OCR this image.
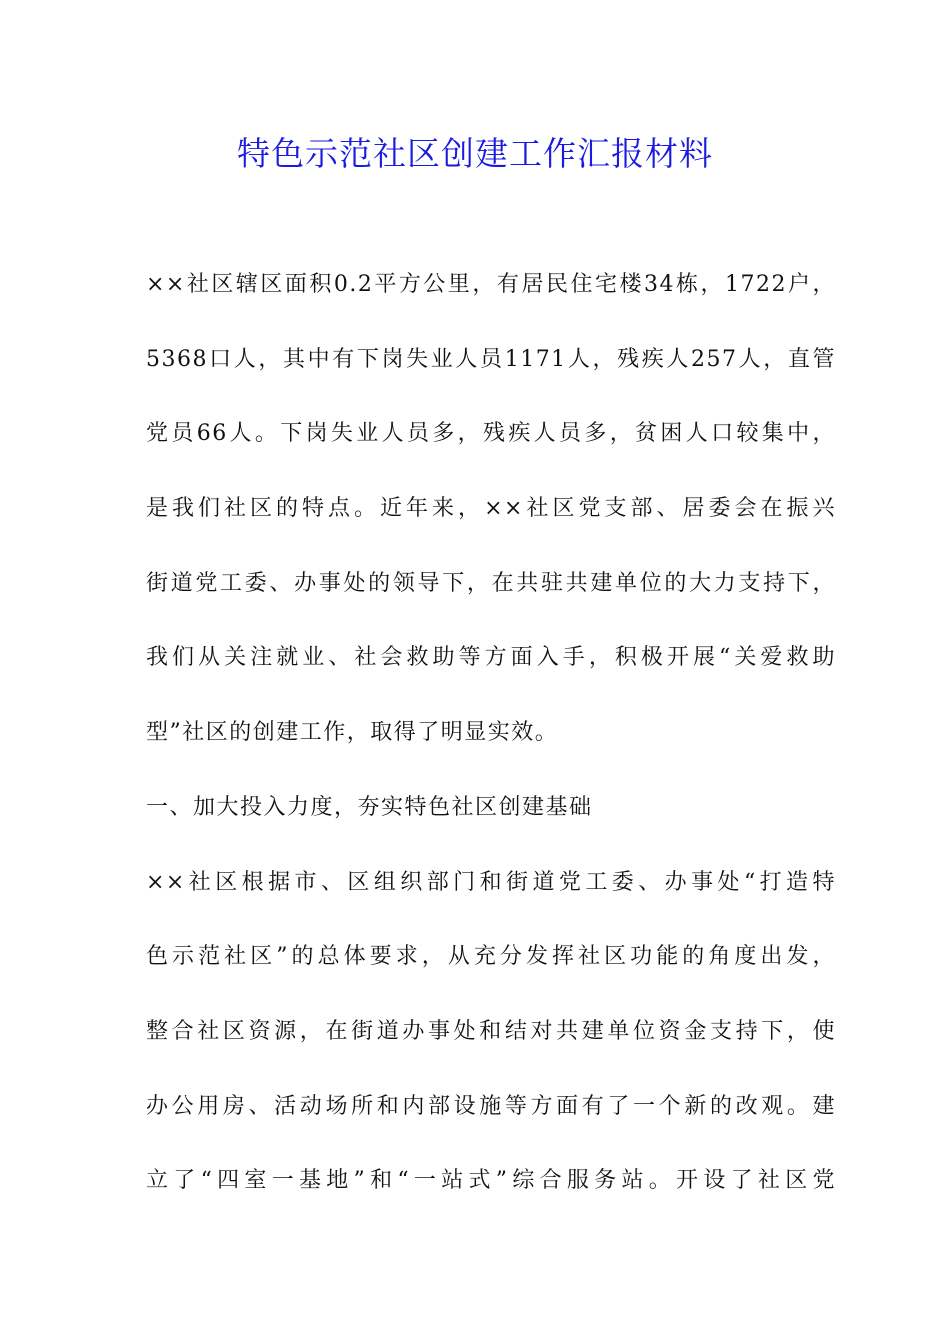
特色示范社区创建工作汇报材料
××社区辖区面积0.2平方公里，有居民住宅楼34栋，1722户，
5368口人，其中有下岗失业人员1171人，残疾人257人，直管
党员66人。下岗失业人员多，残疾人员多，贫困人口较集中，
是我们社区的特点。近年来，××社区党支部、居委会在振兴
街道党工委、办事处的领导下，在共驻共建单位的大力支持下，
我们从关注就业、社会救助等方面入手，积极开展“关爱救助
型”社区的创建工作，取得了明显实效。
一、加大投入力度，夯实特色社区创建基础
××社区根据市、区组织部门和街道党工委、办事处“打造特
色示范社区”的总体要求，从充分发挥社区功能的角度出发，
整合社区资源，在街道办事处和结对共建单位资金支持下，使
办公用房、活动场所和内部设施等方面有了一个新的改观。建
立了“四室一基地”和“一站式”综合服务站。开设了社区党
